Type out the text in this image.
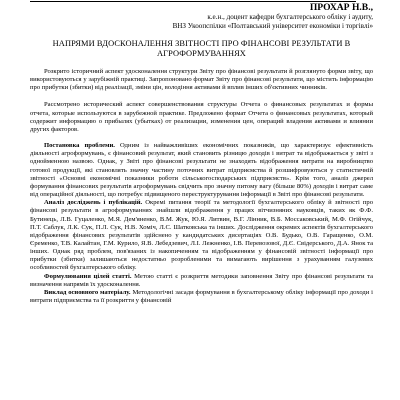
ПРОХАР Н.В.,
к.е.н., доцент кафедри бухгалтерського обліку і аудиту,
ВНЗ Укоопспілки «Полтавський університет економіки і торгівлі»
НАПРЯМИ ВДОСКОНАЛЕННЯ ЗВІТНОСТІ ПРО ФІНАНСОВІ РЕЗУЛЬТАТИ В АГРОФОРМУВАННЯХ

Розкрито історичний аспект удосконалення структури Звіту про фінансові результати й розглянуто форми звіту, що використовуються у зарубіжній практиці. Запропоновано формат Звіту про фінансові результати, що містить інформацію про прибутки (збитки) від реалізації, зміни цін, володіння активами й вплив інших об'єктивних чинників.

Рассмотрено исторический аспект совершенствования структуры Отчета о финансовых результатах и формы отчета, которые используются в зарубежной практике. Предложено формат Отчета о финансовых результатах, который содержит информацию о прибылях (убытках) от реализации, изменения цен, операций владения активами и влиянии других факторов.

Постановка проблеми. Одним із найважливіших економічних показників, що характеризує ефективність діяльності агроформувань, є фінансовий результат, який становить різницю доходів і витрат та відображається у звіті з однойменною назвою. Однак, у Звіті про фінансові результати не знаходять відображення витрати на виробництво готової продукції, які становлять значну частину поточних витрат підприємства й розшифровуються у статистичній звітності «Основні економічні показники роботи сільськогосподарських підприємств». Крім того, аналіз джерел формування фінансових результатів агроформувань свідчить про значну питому вагу (більше 80%) доходів і витрат саме від операційної діяльності, що потребує підвищеного переструктурування інформації в Звіті про фінансові результати.

Аналіз досліджень і публікацій. Окремі питання теорії та методології бухгалтерського обліку й звітності про фінансові результати в агроформуваннях знайшли відображення у працях вітчизняних науковців, таких як Ф.Ф. Бутинець, Л.В. Гуцаленко, М.Я. Дем'яненко, В.М. Жук, Ю.Я. Литвин, В.Г. Лінник, В.Б. Моссаковський, М.Ф. Огійчук, П.Т. Саблук, Л.К. Сук, П.Л. Сук, Н.В. Хоміч, Л.С. Шатковська та інших. Дослідження окремих аспектів бухгалтерського відображення фінансових результатів здійснено у кандидатських дисертаціях О.В. Будько, О.В. Гаращенко, О.М. Єременко, Т.В. Калайтан, Г.М. Курило, Я.В. Лебедзевич, Л.І. Лежненко, І.В. Перевозової, Д.Є. Свідерського, Д.А. Янок та інших. Однак ряд проблем, пов'язаних із накопиченням та відображенням у фінансовій звітності інформації про прибутки (збитки) залишаються недостатньо розробленими та вимагають вирішення з урахуванням галузевих особливостей бухгалтерського обліку.

Формулювання цілей статті. Метою статті є розкриття методики заповнення Звіту про фінансові результати та визначення напрямів їх удосконалення.

Виклад основного матеріалу. Методологічні засади формування в бухгалтерському обліку інформації про доходи і витрати підприємства та її розкриття у фінансовій
